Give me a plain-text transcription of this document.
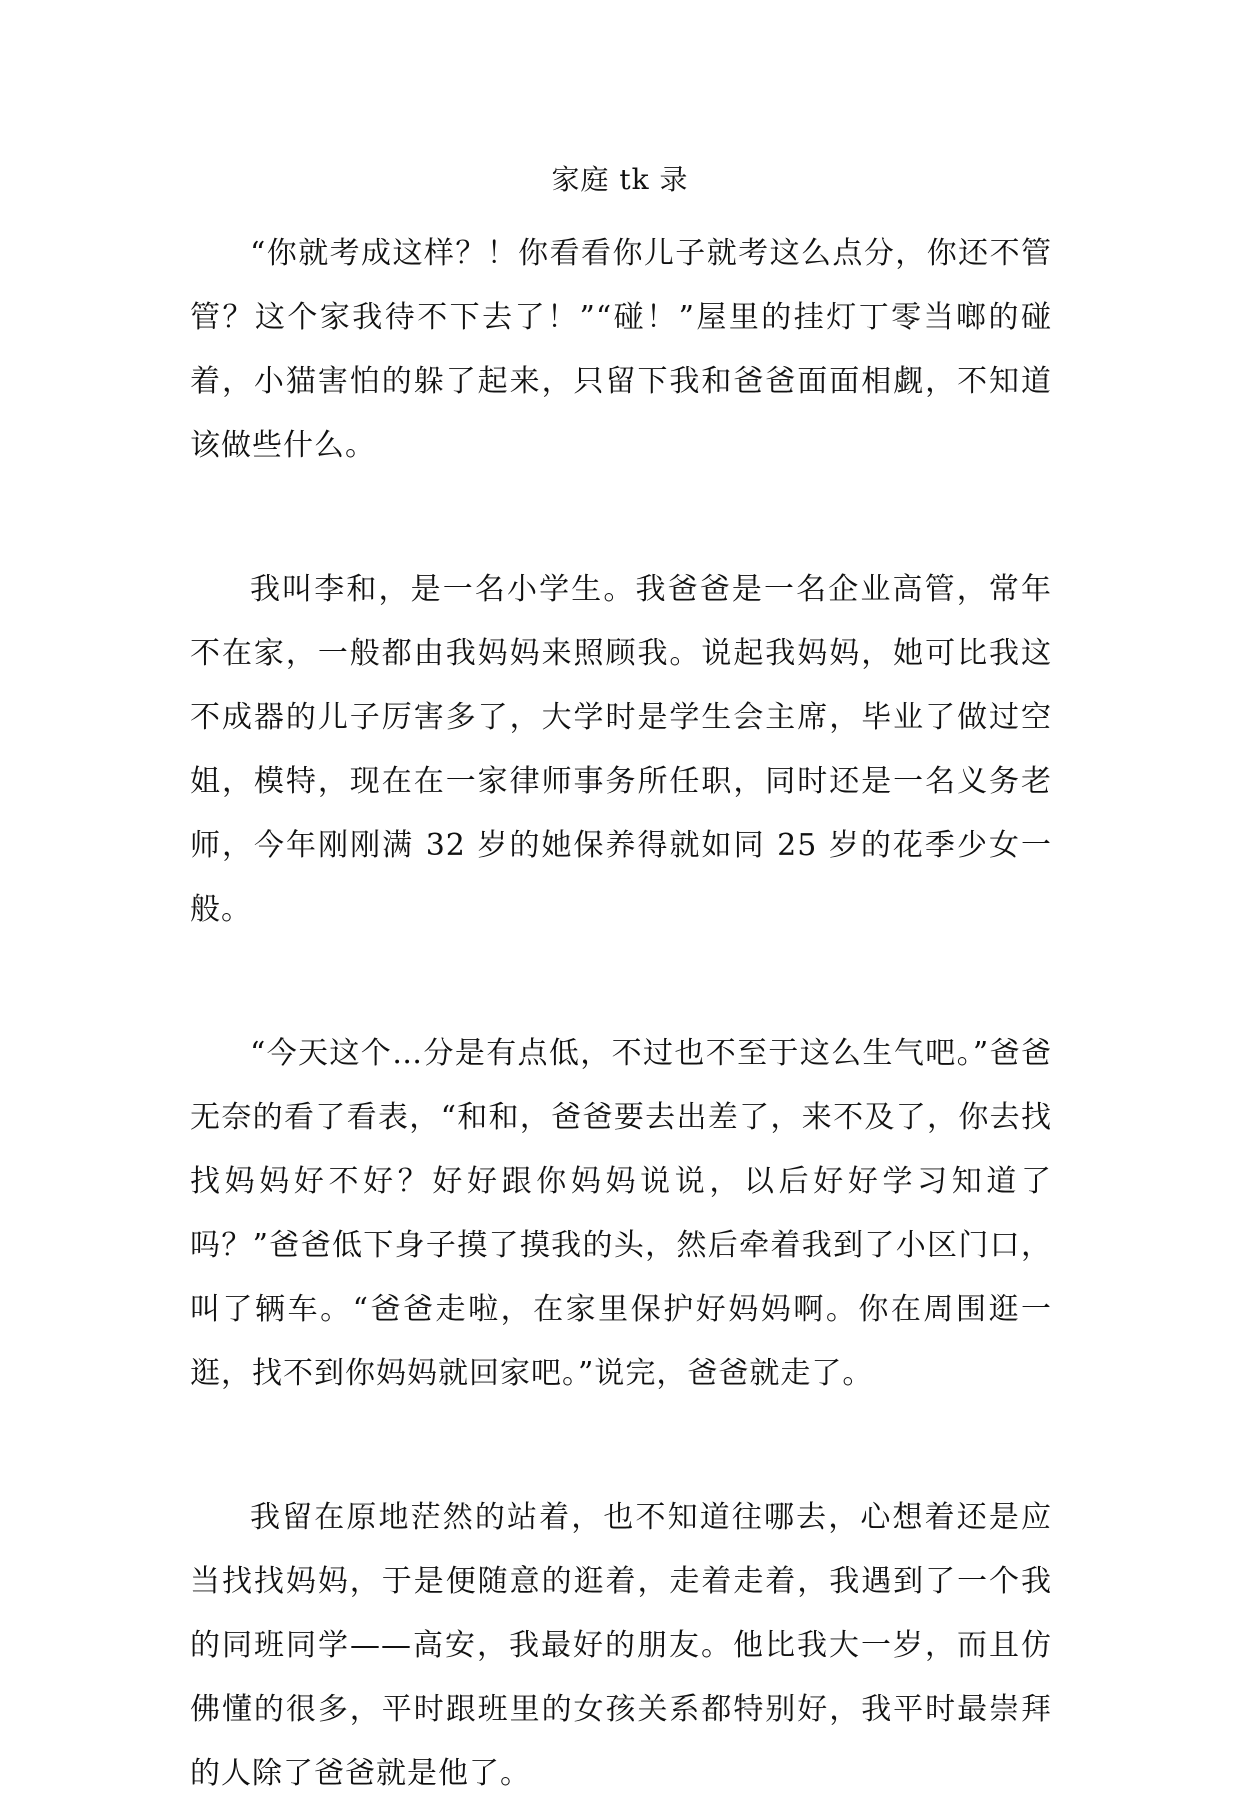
家庭 tk 录

“你就考成这样？！你看看你儿子就考这么点分，你还不管管？这个家我待不下去了！”“碰！”屋里的挂灯丁零当啷的碰着，小猫害怕的躲了起来，只留下我和爸爸面面相觑，不知道该做些什么。

我叫李和，是一名小学生。我爸爸是一名企业高管，常年不在家，一般都由我妈妈来照顾我。说起我妈妈，她可比我这不成器的儿子厉害多了，大学时是学生会主席，毕业了做过空姐，模特，现在在一家律师事务所任职，同时还是一名义务老师，今年刚刚满 32 岁的她保养得就如同 25 岁的花季少女一般。

“今天这个…分是有点低，不过也不至于这么生气吧。”爸爸无奈的看了看表，“和和，爸爸要去出差了，来不及了，你去找找妈妈好不好？好好跟你妈妈说说，以后好好学习知道了吗？”爸爸低下身子摸了摸我的头，然后牵着我到了小区门口，叫了辆车。“爸爸走啦，在家里保护好妈妈啊。你在周围逛一逛，找不到你妈妈就回家吧。”说完，爸爸就走了。

我留在原地茫然的站着，也不知道往哪去，心想着还是应当找找妈妈，于是便随意的逛着，走着走着，我遇到了一个我的同班同学——高安，我最好的朋友。他比我大一岁，而且仿佛懂的很多，平时跟班里的女孩关系都特别好，我平时最崇拜的人除了爸爸就是他了。
